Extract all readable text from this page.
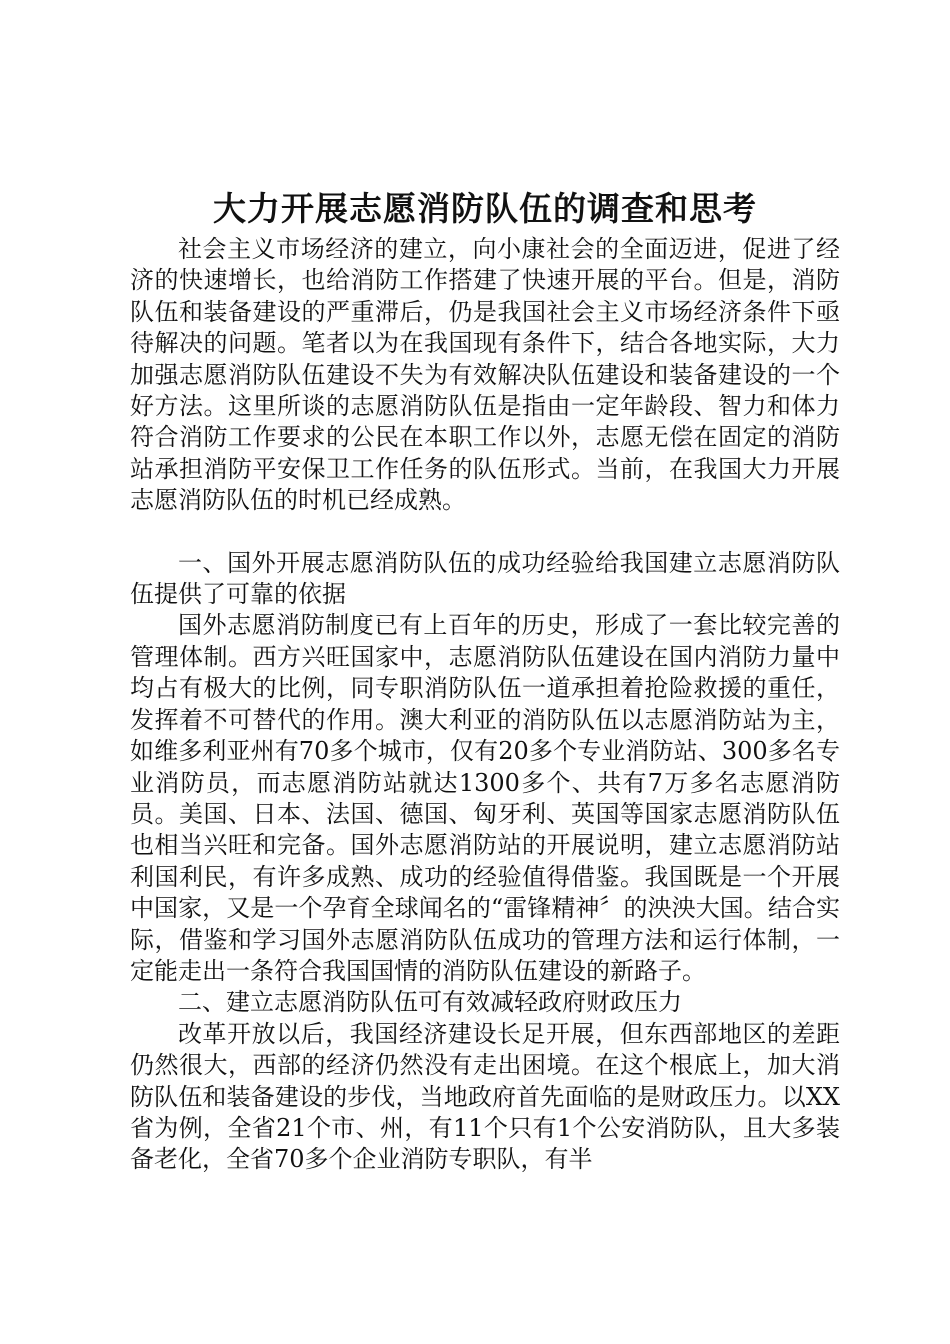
大力开展志愿消防队伍的调查和思考

社会主义市场经济的建立，向小康社会的全面迈进，促进了经济的快速增长，也给消防工作搭建了快速开展的平台。但是，消防队伍和装备建设的严重滞后，仍是我国社会主义市场经济条件下亟待解决的问题。笔者以为在我国现有条件下，结合各地实际，大力加强志愿消防队伍建设不失为有效解决队伍建设和装备建设的一个好方法。这里所谈的志愿消防队伍是指由一定年龄段、智力和体力符合消防工作要求的公民在本职工作以外，志愿无偿在固定的消防站承担消防平安保卫工作任务的队伍形式。当前，在我国大力开展志愿消防队伍的时机已经成熟。

一、国外开展志愿消防队伍的成功经验给我国建立志愿消防队伍提供了可靠的依据

国外志愿消防制度已有上百年的历史，形成了一套比较完善的管理体制。西方兴旺国家中，志愿消防队伍建设在国内消防力量中均占有极大的比例，同专职消防队伍一道承担着抢险救援的重任，发挥着不可替代的作用。澳大利亚的消防队伍以志愿消防站为主，如维多利亚州有70多个城市，仅有20多个专业消防站、300多名专业消防员，而志愿消防站就达1300多个、共有7万多名志愿消防员。美国、日本、法国、德国、匈牙利、英国等国家志愿消防队伍也相当兴旺和完备。国外志愿消防站的开展说明，建立志愿消防站利国利民，有许多成熟、成功的经验值得借鉴。我国既是一个开展中国家，又是一个孕育全球闻名的“雷锋精神〞的泱泱大国。结合实际，借鉴和学习国外志愿消防队伍成功的管理方法和运行体制，一定能走出一条符合我国国情的消防队伍建设的新路子。

二、建立志愿消防队伍可有效减轻政府财政压力

改革开放以后，我国经济建设长足开展，但东西部地区的差距仍然很大，西部的经济仍然没有走出困境。在这个根底上，加大消防队伍和装备建设的步伐，当地政府首先面临的是财政压力。以XX省为例，全省21个市、州，有11个只有1个公安消防队，且大多装备老化，全省70多个企业消防专职队，有半
